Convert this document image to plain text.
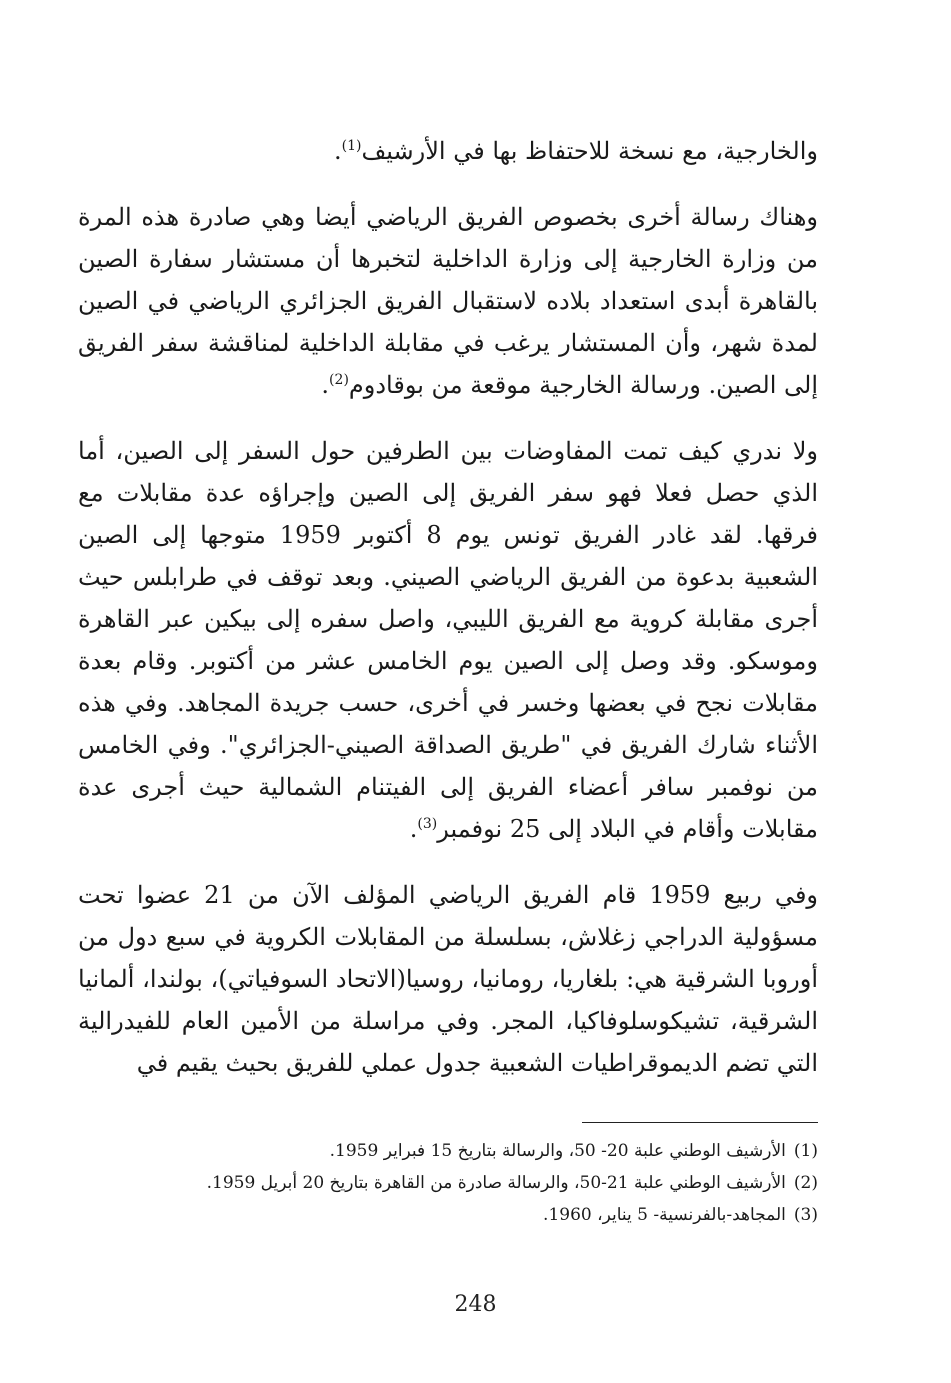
والخارجية، مع نسخة للاحتفاظ بها في الأرشيف$^{(1)}$.

وهناك رسالة أخرى بخصوص الفريق الرياضي أيضا وهي صادرة هذه المرة من وزارة الخارجية إلى وزارة الداخلية لتخبرها أن مستشار سفارة الصين بالقاهرة أبدى استعداد بلاده لاستقبال الفريق الجزائري الرياضي في الصين لمدة شهر، وأن المستشار يرغب في مقابلة الداخلية لمناقشة سفر الفريق إلى الصين. ورسالة الخارجية موقعة من بوقادوم$^{(2)}$.

ولا ندري كيف تمت المفاوضات بين الطرفين حول السفر إلى الصين، أما الذي حصل فعلا فهو سفر الفريق إلى الصين وإجراؤه عدة مقابلات مع فرقها. لقد غادر الفريق تونس يوم 8 أكتوبر 1959 متوجها إلى الصين الشعبية بدعوة من الفريق الرياضي الصيني. وبعد توقف في طرابلس حيث أجرى مقابلة كروية مع الفريق الليبي، واصل سفره إلى بيكين عبر القاهرة وموسكو. وقد وصل إلى الصين يوم الخامس عشر من أكتوبر. وقام بعدة مقابلات نجح في بعضها وخسر في أخرى، حسب جريدة المجاهد. وفي هذه الأثناء شارك الفريق في "طريق الصداقة الصيني-الجزائري". وفي الخامس من نوفمبر سافر أعضاء الفريق إلى الفيتنام الشمالية حيث أجرى عدة مقابلات وأقام في البلاد إلى 25 نوفمبر$^{(3)}$.

وفي ربيع 1959 قام الفريق الرياضي المؤلف الآن من 21 عضوا تحت مسؤولية الدراجي زغلاش، بسلسلة من المقابلات الكروية في سبع دول من أوروبا الشرقية هي: بلغاريا، رومانيا، روسيا(الاتحاد السوفياتي)، بولندا، ألمانيا الشرقية، تشيكوسلوفاكيا، المجر. وفي مراسلة من الأمين العام للفيدرالية التي تضم الديموقراطيات الشعبية جدول عملي للفريق بحيث يقيم في

(1)الأرشيف الوطني علبة 20- 50، والرسالة بتاريخ 15 فبراير 1959.

(2)الأرشيف الوطني علبة 21-50، والرسالة صادرة من القاهرة بتاريخ 20 أبريل 1959.

(3)المجاهد-بالفرنسية- 5 يناير، 1960.

248
